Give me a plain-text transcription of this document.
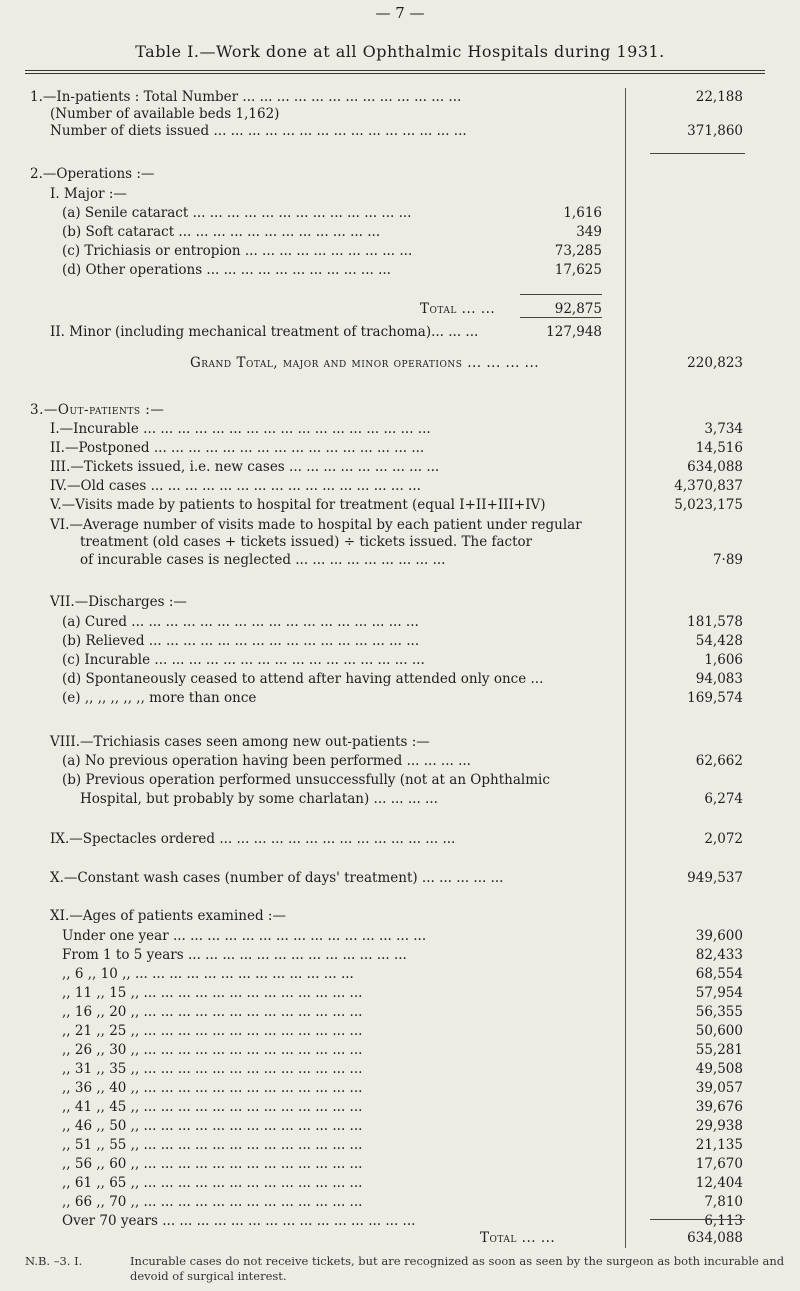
— 7 —
Table I.—Work done at all Ophthalmic Hospitals during 1931.
1.—In-patients : Total Number ... ... ... ... ... ... ... ... ... ... ... ... ...	22,188
(Number of available beds 1,162)
Number of diets issued ... ... ... ... ... ... ... ... ... ... ... ... ... ... ...	371,860
2.—Operations :—
I. Major :—
(a) Senile cataract ... ... ... ... ... ... ... ... ... ... ... ... ...	1,616
(b) Soft cataract ... ... ... ... ... ... ... ... ... ... ... ...	349
(c) Trichiasis or entropion ... ... ... ... ... ... ... ... ... ...	73,285
(d) Other operations ... ... ... ... ... ... ... ... ... ... ...	17,625
Total ... ...	92,875
II. Minor (including mechanical treatment of trachoma)... ... ...	127,948
Grand Total, major and minor operations ... ... ... ...	220,823
3.—Out-patients :—
I.—Incurable ... ... ... ... ... ... ... ... ... ... ... ... ... ... ... ... ...	3,734
II.—Postponed ... ... ... ... ... ... ... ... ... ... ... ... ... ... ... ...	14,516
III.—Tickets issued, i.e. new cases ... ... ... ... ... ... ... ... ...	634,088
IV.—Old cases ... ... ... ... ... ... ... ... ... ... ... ... ... ... ... ...	4,370,837
V.—Visits made by patients to hospital for treatment (equal I+II+III+IV)	5,023,175
VI.—Average number of visits made to hospital by each patient under regular
treatment (old cases + tickets issued) ÷ tickets issued. The factor
of incurable cases is neglected ... ... ... ... ... ... ... ... ...	7·89
VII.—Discharges :—
(a) Cured ... ... ... ... ... ... ... ... ... ... ... ... ... ... ... ... ...	181,578
(b) Relieved ... ... ... ... ... ... ... ... ... ... ... ... ... ... ... ...	54,428
(c) Incurable ... ... ... ... ... ... ... ... ... ... ... ... ... ... ... ...	1,606
(d) Spontaneously ceased to attend after having attended only once ...	94,083
(e) ,, ,, ,, ,, ,, more than once	169,574
VIII.—Trichiasis cases seen among new out-patients :—
(a) No previous operation having been performed ... ... ... ...	62,662
(b) Previous operation performed unsuccessfully (not at an Ophthalmic
Hospital, but probably by some charlatan) ... ... ... ...	6,274
IX.—Spectacles ordered ... ... ... ... ... ... ... ... ... ... ... ... ... ...	2,072
X.—Constant wash cases (number of days' treatment) ... ... ... ... ...	949,537
XI.—Ages of patients examined :—
Under one year ... ... ... ... ... ... ... ... ... ... ... ... ... ... ...	39,600
From 1 to 5 years ... ... ... ... ... ... ... ... ... ... ... ... ...	82,433
,, 6 ,, 10 ,, ... ... ... ... ... ... ... ... ... ... ... ... ...	68,554
,, 11 ,, 15 ,, ... ... ... ... ... ... ... ... ... ... ... ... ...	57,954
,, 16 ,, 20 ,, ... ... ... ... ... ... ... ... ... ... ... ... ...	56,355
,, 21 ,, 25 ,, ... ... ... ... ... ... ... ... ... ... ... ... ...	50,600
,, 26 ,, 30 ,, ... ... ... ... ... ... ... ... ... ... ... ... ...	55,281
,, 31 ,, 35 ,, ... ... ... ... ... ... ... ... ... ... ... ... ...	49,508
,, 36 ,, 40 ,, ... ... ... ... ... ... ... ... ... ... ... ... ...	39,057
,, 41 ,, 45 ,, ... ... ... ... ... ... ... ... ... ... ... ... ...	39,676
,, 46 ,, 50 ,, ... ... ... ... ... ... ... ... ... ... ... ... ...	29,938
,, 51 ,, 55 ,, ... ... ... ... ... ... ... ... ... ... ... ... ...	21,135
,, 56 ,, 60 ,, ... ... ... ... ... ... ... ... ... ... ... ... ...	17,670
,, 61 ,, 65 ,, ... ... ... ... ... ... ... ... ... ... ... ... ...	12,404
,, 66 ,, 70 ,, ... ... ... ... ... ... ... ... ... ... ... ... ...	7,810
Over 70 years ... ... ... ... ... ... ... ... ... ... ... ... ... ... ...	6,113
Total ... ...	634,088
N.B. –3. I.	Incurable cases do not receive tickets, but are recognized as soon as seen by the surgeon as both incurable and devoid of surgical interest.
